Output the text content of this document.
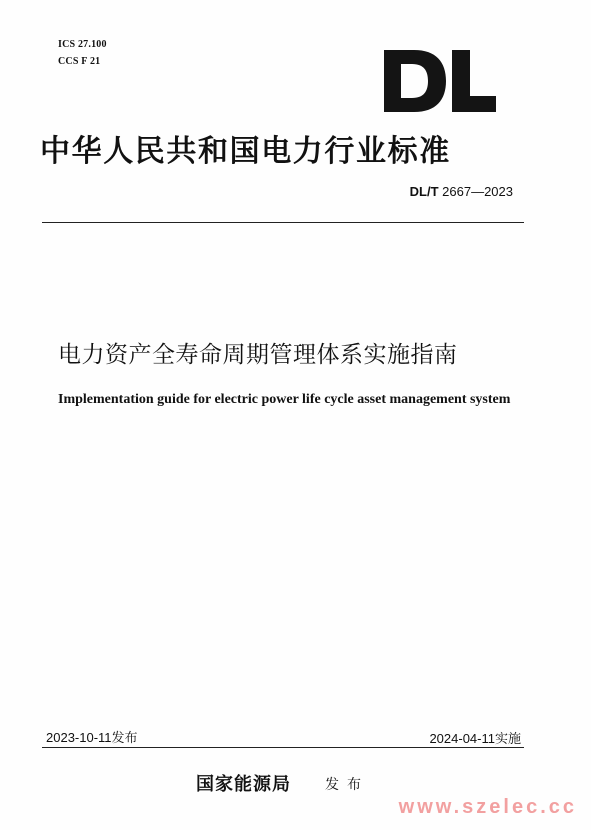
ICS 27.100
CCS F 21
中华人民共和国电力行业标准
DL/T 2667—2023
电力资产全寿命周期管理体系实施指南
Implementation guide for electric power life cycle asset management system
2023-10-11发布	2024-04-11实施
国家能源局 发布
www.szelec.cc
